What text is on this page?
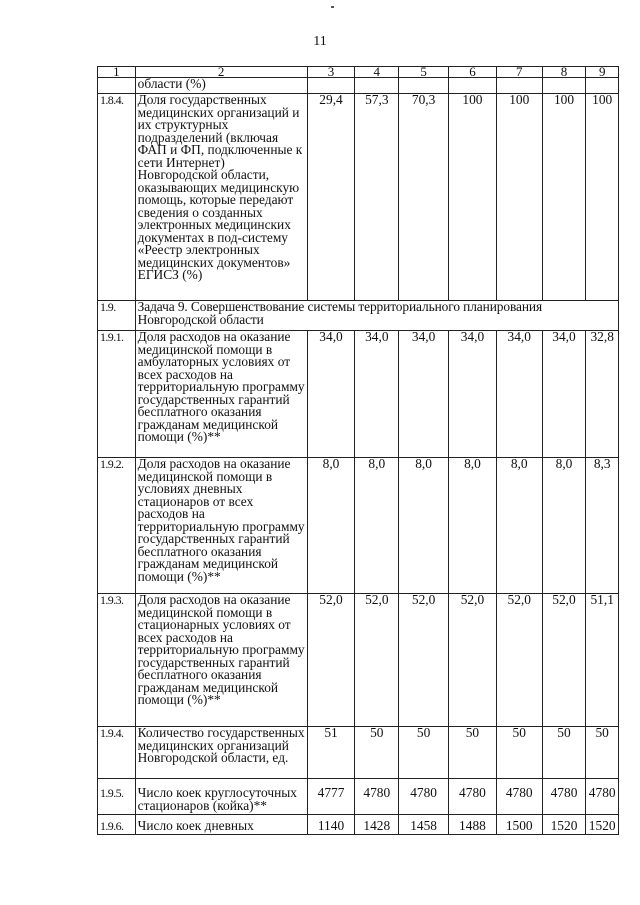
11
1	2	3	4	5	6	7	8	9
	области (%)							
1.8.4.	Доля государственных медицинских организаций и их структурных подразделений (включая ФАП и ФП, подключенные к сети Интернет) Новгородской области, оказывающих медицинскую помощь, которые передают сведения о созданных электронных медицинских документах в под-систему «Реестр электронных медицинских документов» ЕГИСЗ (%)	29,4	57,3	70,3	100	100	100	100
1.9.	Задача 9. Совершенствование системы территориального планирования Новгородской области							
1.9.1.	Доля расходов на оказание медицинской помощи в амбулаторных условиях от всех расходов на территориальную программу государственных гарантий бесплатного оказания гражданам медицинской помощи (%)**	34,0	34,0	34,0	34,0	34,0	34,0	32,8
1.9.2.	Доля расходов на оказание медицинской помощи в условиях дневных стационаров от всех расходов на территориальную программу государственных гарантий бесплатного оказания гражданам медицинской помощи (%)**	8,0	8,0	8,0	8,0	8,0	8,0	8,3
1.9.3.	Доля расходов на оказание медицинской помощи в стационарных условиях от всех расходов на территориальную программу государственных гарантий бесплатного оказания гражданам медицинской помощи (%)**	52,0	52,0	52,0	52,0	52,0	52,0	51,1
1.9.4.	Количество государственных медицинских организаций Новгородской области, ед.	51	50	50	50	50	50	50
1.9.5.	Число коек круглосуточных стационаров (койка)**	4777	4780	4780	4780	4780	4780	4780
1.9.6.	Число коек дневных	1140	1428	1458	1488	1500	1520	1520
